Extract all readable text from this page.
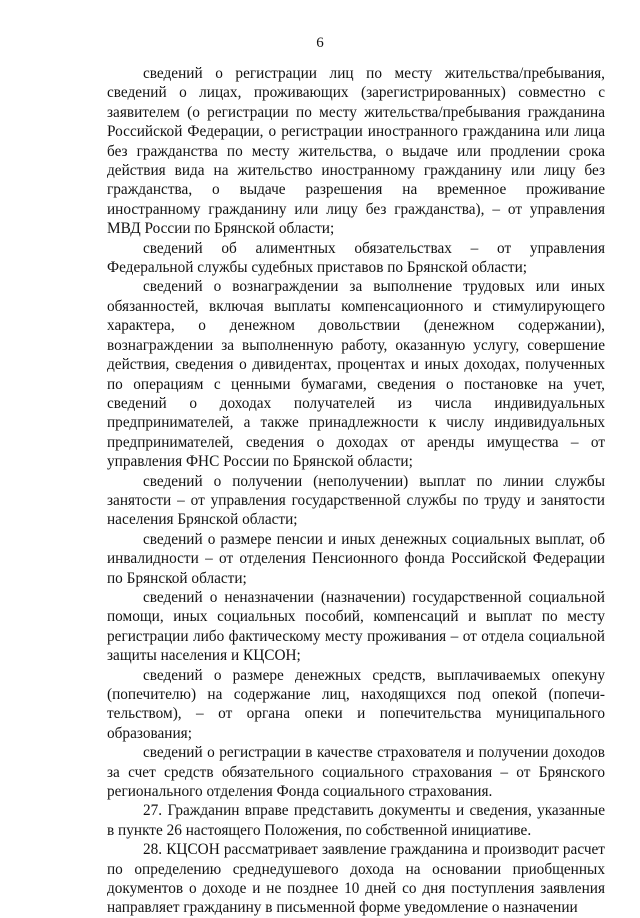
6

сведений о регистрации лиц по месту жительства/пребывания, сведений о лицах, проживающих (зарегистрированных) совместно с заявителем (о регистрации по месту жительства/пребывания гражданина Российской Федерации, о регистрации иностранного гражданина или лица без гражданства по месту жительства, о выдаче или продлении срока действия вида на жительство иностранному гражданину или лицу без гражданства, о выдаче разрешения на временное проживание иностранному гражданину или лицу без гражданства), – от управления МВД России по Брянской области;

сведений об алиментных обязательствах – от управления Федеральной службы судебных приставов по Брянской области;

сведений о вознаграждении за выполнение трудовых или иных обязанностей, включая выплаты компенсационного и стимулирующего характера, о денежном довольствии (денежном содержании), вознаграждении за выполненную работу, оказанную услугу, совершение действия, сведения о дивидентах, процентах и иных доходах, полученных по операциям с ценными бумагами, сведения о постановке на учет, сведений о доходах получателей из числа индивидуальных предпринимателей, а также принадлежности к числу индивидуальных предпринимателей, сведения о доходах от аренды имущества – от управления ФНС России по Брянской области;

сведений о получении (неполучении) выплат по линии службы занятости – от управления государственной службы по труду и занятости населения Брянской области;

сведений о размере пенсии и иных денежных социальных выплат, об инвалидности – от отделения Пенсионного фонда Российской Федерации по Брянской области;

сведений о неназначении (назначении) государственной социальной помощи, иных социальных пособий, компенсаций и выплат по месту регистрации либо фактическому месту проживания – от отдела социальной защиты населения и КЦСОН;

сведений о размере денежных средств, выплачиваемых опекуну (попечителю) на содержание лиц, находящихся под опекой (попечи-тельством), – от органа опеки и попечительства муниципального образования;

сведений о регистрации в качестве страхователя и получении доходов за счет средств обязательного социального страхования – от Брянского регионального отделения Фонда социального страхования.

27. Гражданин вправе представить документы и сведения, указанные в пункте 26 настоящего Положения, по собственной инициативе.

28. КЦСОН рассматривает заявление гражданина и производит расчет по определению среднедушевого дохода на основании приобщенных документов о доходе и не позднее 10 дней со дня поступления заявления направляет гражданину в письменной форме уведомление о назначении
